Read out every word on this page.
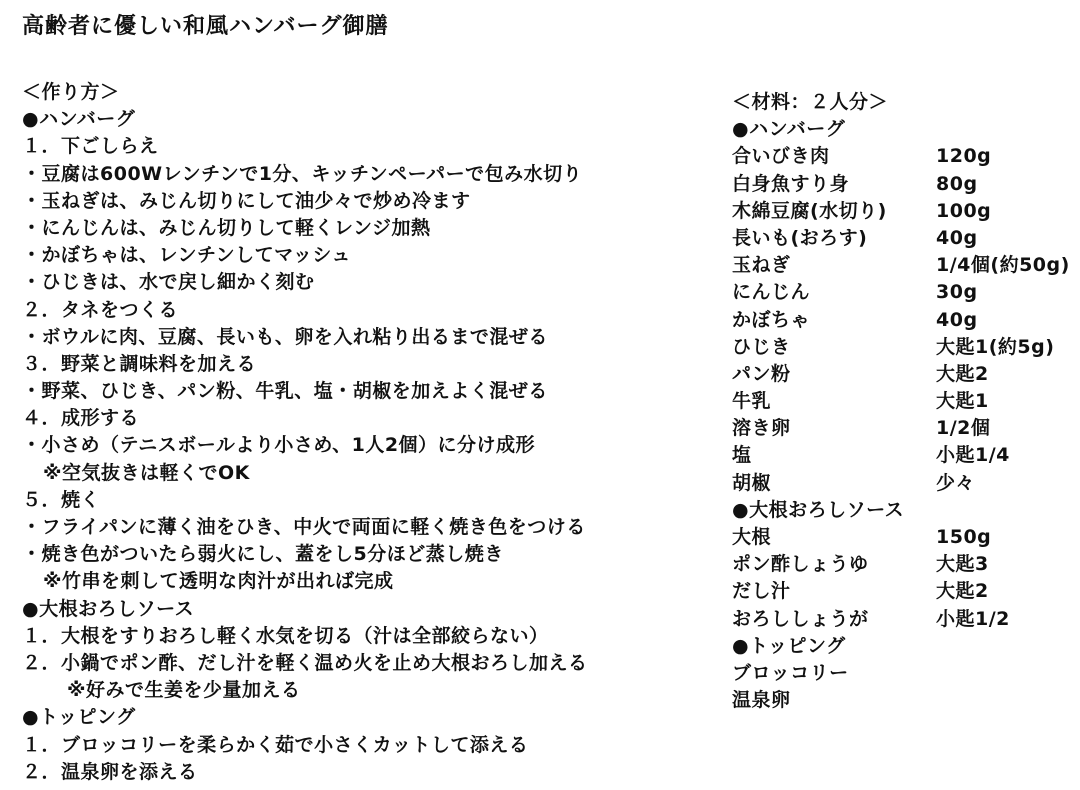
高齢者に優しい和風ハンバーグ御膳
＜作り方＞
●ハンバーグ
１．下ごしらえ
・豆腐は600Wレンチンで1分、キッチンペーパーで包み水切り
・玉ねぎは、みじん切りにして油少々で炒め冷ます
・にんじんは、みじん切りして軽くレンジ加熱
・かぼちゃは、レンチンしてマッシュ
・ひじきは、水で戻し細かく刻む
２．タネをつくる
・ボウルに肉、豆腐、長いも、卵を入れ粘り出るまで混ぜる
３．野菜と調味料を加える
・野菜、ひじき、パン粉、牛乳、塩・胡椒を加えよく混ぜる
４．成形する
・小さめ（テニスボールより小さめ、1人2個）に分け成形
※空気抜きは軽くでOK
５．焼く
・フライパンに薄く油をひき、中火で両面に軽く焼き色をつける
・焼き色がついたら弱火にし、蓋をし5分ほど蒸し焼き
※竹串を刺して透明な肉汁が出れば完成
●大根おろしソース
１．大根をすりおろし軽く水気を切る（汁は全部絞らない）
２．小鍋でポン酢、だし汁を軽く温め火を止め大根おろし加える
※好みで生姜を少量加える
●トッピング
１．ブロッコリーを柔らかく茹で小さくカットして添える
２．温泉卵を添える
＜材料：２人分＞
●ハンバーグ
合いびき肉	120g
白身魚すり身	80g
木綿豆腐(水切り)	100g
長いも(おろす)	40g
玉ねぎ	1/4個(約50g)
にんじん	30g
かぼちゃ	40g
ひじき	大匙1(約5g)
パン粉	大匙2
牛乳	大匙1
溶き卵	1/2個
塩	小匙1/4
胡椒	少々
●大根おろしソース
大根	150g
ポン酢しょうゆ	大匙3
だし汁	大匙2
おろししょうが	小匙1/2
●トッピング
ブロッコリー
温泉卵
